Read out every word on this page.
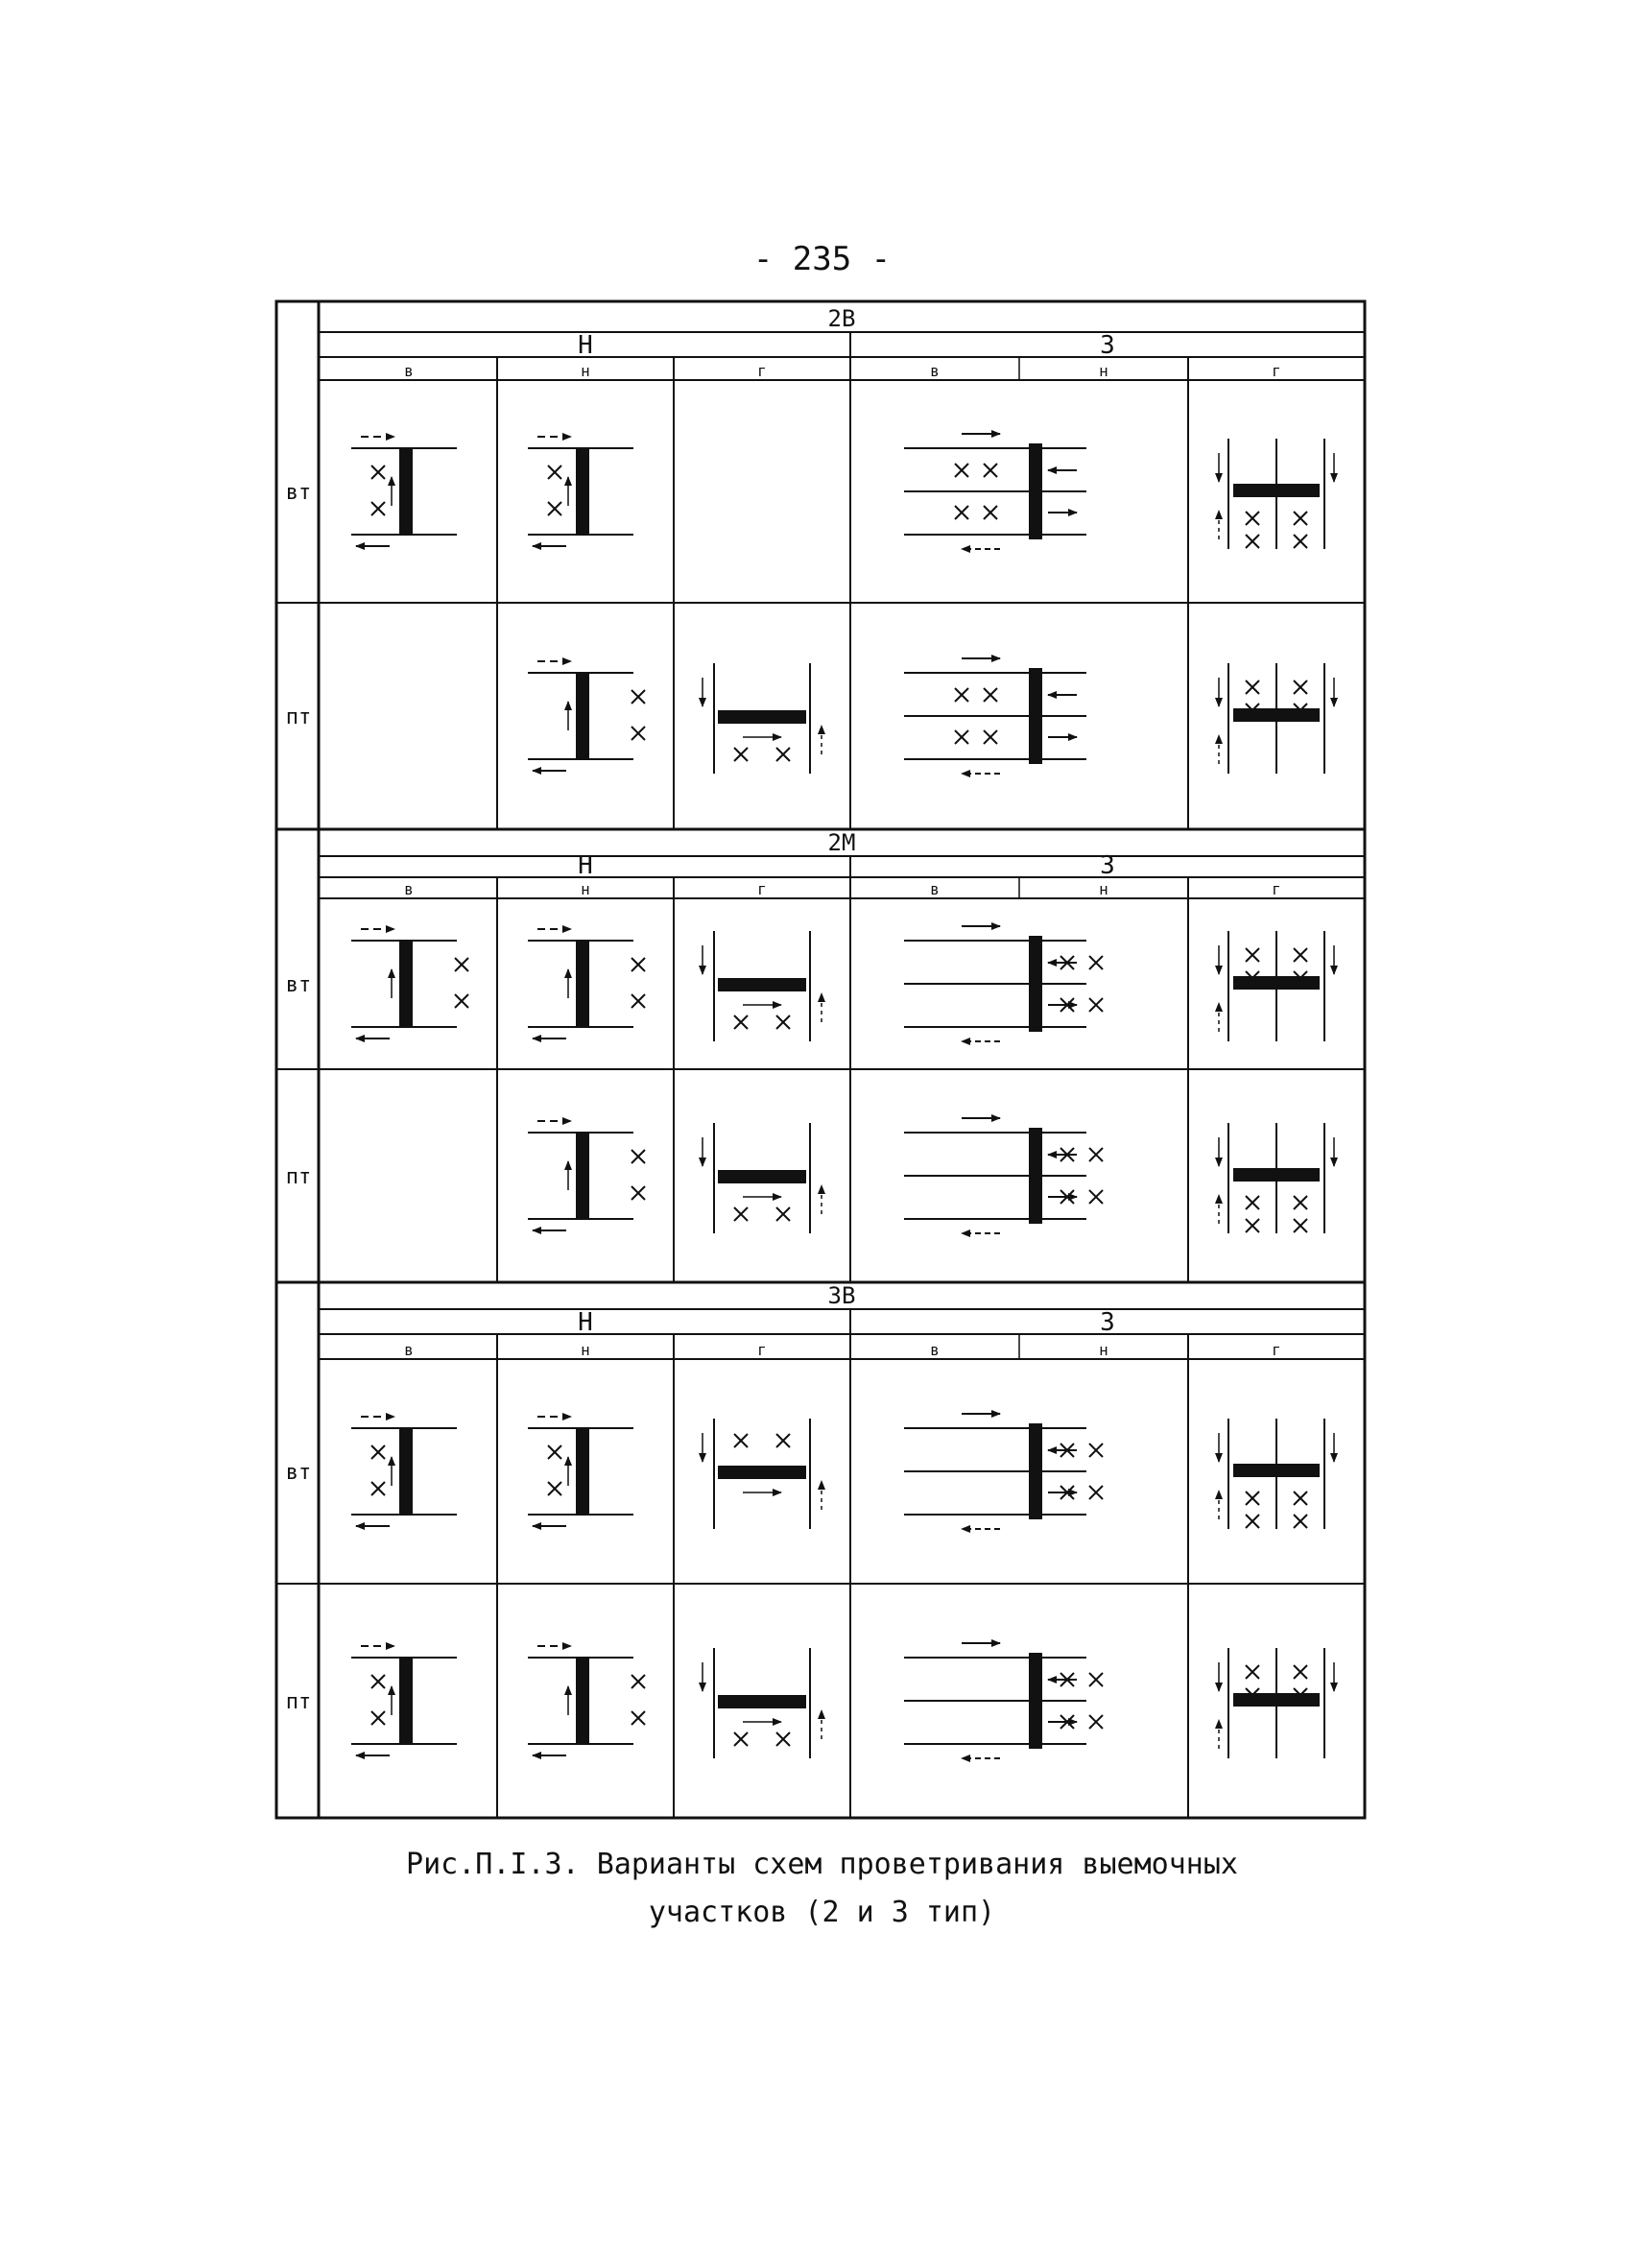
- 235 -
2В
Н	З
в	н	г	в	н	г
вт
пт
2М
Н	З
в	н	г	в	н	г
вт
пт
3В
Н	З
в	н	г	в	н	г
вт
пт
Рис.П.I.3. Варианты схем проветривания выемочных
участков (2 и 3 тип)
